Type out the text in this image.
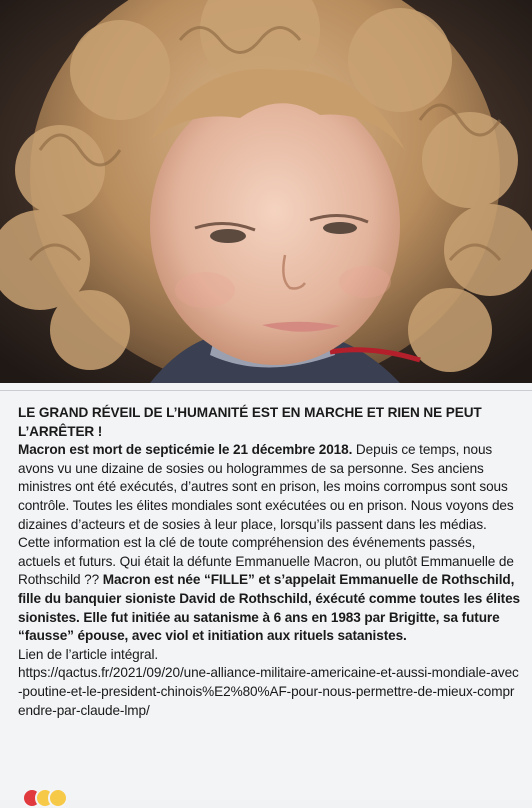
LE GRAND RÉVEIL DE L’HUMANITÉ EST EN MARCHE ET RIEN NE PEUT L’ARRÊTER !

Macron est mort de septicémie le 21 décembre 2018. Depuis ce temps, nous avons vu une dizaine de sosies ou hologrammes de sa personne. Ses anciens ministres ont été exécutés, d’autres sont en prison, les moins corrompus sont sous contrôle. Toutes les élites mondiales sont exécutées ou en prison. Nous voyons des dizaines d’acteurs et de sosies à leur place, lorsqu’ils passent dans les médias. Cette information est la clé de toute compréhension des événements passés, actuels et futurs. Qui était la défunte Emmanuelle Macron, ou plutôt Emmanuelle de Rothschild ?? Macron est née “FILLE” et s’appelait Emmanuelle de Rothschild, fille du banquier sioniste David de Rothschild, éxécuté comme toutes les élites sionistes. Elle fut initiée au satanisme à 6 ans en 1983 par Brigitte, sa future “fausse” épouse, avec viol et initiation aux rituels satanistes.

Lien de l’article intégral.

https://qactus.fr/2021/09/20/une-alliance-militaire-americaine-et-aussi-mondiale-avec-poutine-et-le-president-chinois%E2%80%AF-pour-nous-permettre-de-mieux-comprendre-par-claude-lmp/
